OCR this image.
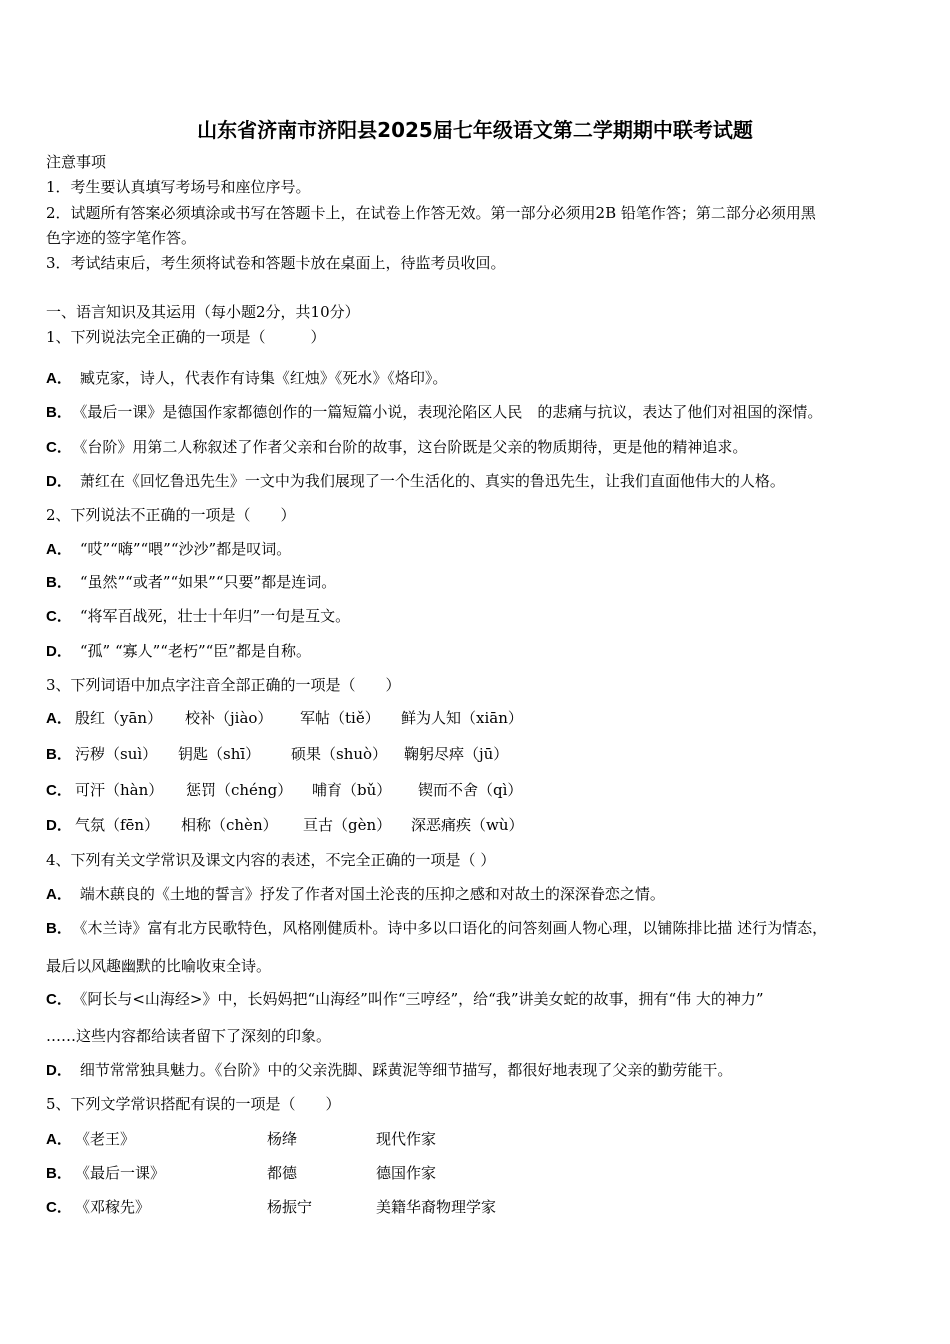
山东省济南市济阳县2025届七年级语文第二学期期中联考试题
注意事项
1．考生要认真填写考场号和座位序号。
2．试题所有答案必须填涂或书写在答题卡上，在试卷上作答无效。第一部分必须用2B 铅笔作答；第二部分必须用黑
色字迹的签字笔作答。
3．考试结束后，考生须将试卷和答题卡放在桌面上，待监考员收回。
一、语言知识及其运用（每小题2分，共10分）
1、下列说法完全正确的一项是（　　　）
A． 臧克家，诗人，代表作有诗集《红烛》《死水》《烙印》。
B． 《最后一课》是德国作家都德创作的一篇短篇小说，表现沦陷区人民　的悲痛与抗议，表达了他们对祖国的深情。
C． 《台阶》用第二人称叙述了作者父亲和台阶的故事，这台阶既是父亲的物质期待，更是他的精神追求。
D． 萧红在《回忆鲁迅先生》一文中为我们展现了一个生活化的、真实的鲁迅先生，让我们直面他伟大的人格。
2、下列说法不正确的一项是（　　）
A． “哎”“嗨”“喂”“沙沙”都是叹词。
B． “虽然”“或者”“如果”“只要”都是连词。
C． “将军百战死，壮士十年归”一句是互文。
D． “孤” “寡人”“老朽”“臣”都是自称。
3、下列词语中加点字注音全部正确的一项是（　　）
A． 殷红（yān） 校补（jiào） 军帖（tiě） 鲜为人知（xiān）
B． 污秽（suì） 钥匙（shī） 硕果（shuò） 鞠躬尽瘁（jū）
C． 可汗（hàn） 惩罚（chéng） 哺育（bǔ） 锲而不舍（qì）
D． 气氛（fēn） 相称（chèn） 亘古（gèn） 深恶痛疾（wù）
4、下列有关文学常识及课文内容的表述，不完全正确的一项是（ ）
A． 端木蕻良的《土地的誓言》抒发了作者对国土沦丧的压抑之感和对故土的深深眷恋之情。
B． 《木兰诗》富有北方民歌特色，风格刚健质朴。诗中多以口语化的问答刻画人物心理，以铺陈排比描 述行为情态，
最后以风趣幽默的比喻收束全诗。
C． 《阿长与<山海经>》中，长妈妈把“山海经”叫作“三哼经”，给“我”讲美女蛇的故事，拥有“伟 大的神力”
……这些内容都给读者留下了深刻的印象。
D． 细节常常独具魅力。《台阶》中的父亲洗脚、踩黄泥等细节描写，都很好地表现了父亲的勤劳能干。
5、下列文学常识搭配有误的一项是（　　）
A． 《老王》	杨绛	现代作家
B． 《最后一课》	都德	德国作家
C． 《邓稼先》	杨振宁	美籍华裔物理学家
